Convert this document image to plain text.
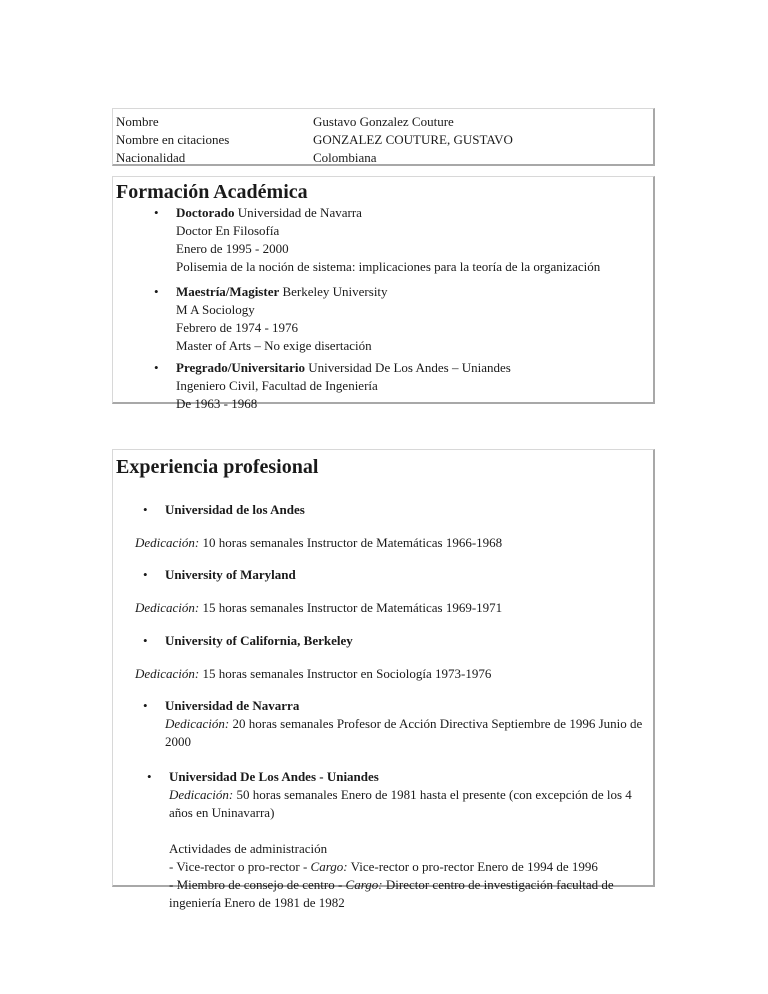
Nombre	Gustavo Gonzalez Couture
Nombre en citaciones	GONZALEZ COUTURE, GUSTAVO
Nacionalidad	Colombiana
Formación Académica
• Doctorado Universidad de Navarra
Doctor En Filosofía
Enero de 1995 - 2000
Polisemia de la noción de sistema: implicaciones para la teoría de la organización
• Maestría/Magister Berkeley University
M A Sociology
Febrero de 1974 - 1976
Master of Arts – No exige disertación
• Pregrado/Universitario Universidad De Los Andes – Uniandes
Ingeniero Civil, Facultad de Ingeniería
De 1963 - 1968
Experiencia profesional
• Universidad de los Andes
Dedicación: 10 horas semanales Instructor de Matemáticas 1966-1968
• University of Maryland
Dedicación: 15 horas semanales Instructor de Matemáticas 1969-1971
• University of California, Berkeley
Dedicación: 15 horas semanales Instructor en Sociología 1973-1976
• Universidad de Navarra
Dedicación: 20 horas semanales Profesor de Acción Directiva Septiembre de 1996 Junio de 2000
• Universidad De Los Andes - Uniandes
Dedicación: 50 horas semanales Enero de 1981 hasta el presente (con excepción de los 4 años en Uninavarra)
Actividades de administración
- Vice-rector o pro-rector - Cargo: Vice-rector o pro-rector Enero de 1994 de 1996
- Miembro de consejo de centro - Cargo: Director centro de investigación facultad de ingeniería Enero de 1981 de 1982
